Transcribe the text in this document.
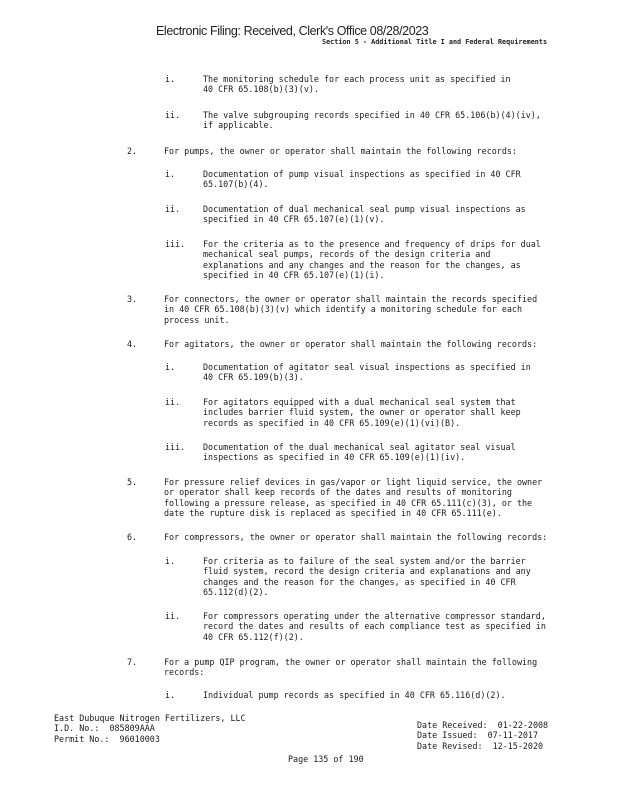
Electronic Filing: Received, Clerk's Office 08/28/2023
Section 5 - Additional Title I and Federal Requirements
i.	The monitoring schedule for each process unit as specified in
40 CFR 65.108(b)(3)(v).
ii.	The valve subgrouping records specified in 40 CFR 65.106(b)(4)(iv),
if applicable.
2.	For pumps, the owner or operator shall maintain the following records:
i.	Documentation of pump visual inspections as specified in 40 CFR
65.107(b)(4).
ii.	Documentation of dual mechanical seal pump visual inspections as
specified in 40 CFR 65.107(e)(1)(v).
iii. For the criteria as to the presence and frequency of drips for dual
mechanical seal pumps, records of the design criteria and
explanations and any changes and the reason for the changes, as
specified in 40 CFR 65.107(e)(1)(i).
3.	For connectors, the owner or operator shall maintain the records specified
in 40 CFR 65.108(b)(3)(v) which identify a monitoring schedule for each
process unit.
4.	For agitators, the owner or operator shall maintain the following records:
i.	Documentation of agitator seal visual inspections as specified in
40 CFR 65.109(b)(3).
ii.	For agitators equipped with a dual mechanical seal system that
includes barrier fluid system, the owner or operator shall keep
records as specified in 40 CFR 65.109(e)(1)(vi)(B).
iii. Documentation of the dual mechanical seal agitator seal visual
inspections as specified in 40 CFR 65.109(e)(1)(iv).
5.	For pressure relief devices in gas/vapor or light liquid service, the owner
or operator shall keep records of the dates and results of monitoring
following a pressure release, as specified in 40 CFR 65.111(c)(3), or the
date the rupture disk is replaced as specified in 40 CFR 65.111(e).
6.	For compressors, the owner or operator shall maintain the following records:
i.	For criteria as to failure of the seal system and/or the barrier
fluid system, record the design criteria and explanations and any
changes and the reason for the changes, as specified in 40 CFR
65.112(d)(2).
ii.	For compressors operating under the alternative compressor standard,
record the dates and results of each compliance test as specified in
40 CFR 65.112(f)(2).
7.	For a pump QIP program, the owner or operator shall maintain the following
records:
i.	Individual pump records as specified in 40 CFR 65.116(d)(2).
East Dubuque Nitrogen Fertilizers, LLC
I.D. No.:  085809AAA
Permit No.:  96010003
Date Received:  01-22-2008
Date Issued:  07-11-2017
Date Revised:  12-15-2020
Page 135 of 190
